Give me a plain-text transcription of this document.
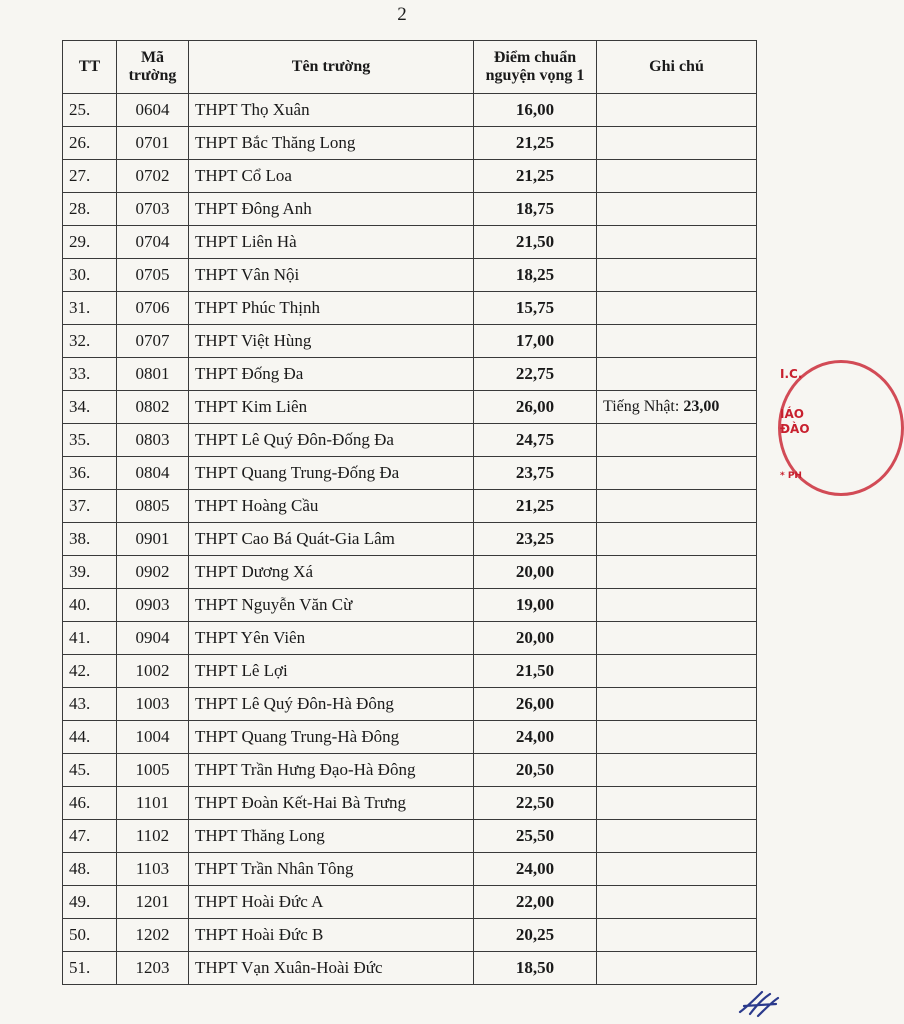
2
TT	Mã trường	Tên trường	Điểm chuẩn nguyện vọng 1	Ghi chú
25.	0604	THPT Thọ Xuân	16,00	
26.	0701	THPT Bắc Thăng Long	21,25	
27.	0702	THPT Cổ Loa	21,25	
28.	0703	THPT Đông Anh	18,75	
29.	0704	THPT Liên Hà	21,50	
30.	0705	THPT Vân Nội	18,25	
31.	0706	THPT Phúc Thịnh	15,75	
32.	0707	THPT Việt Hùng	17,00	
33.	0801	THPT Đống Đa	22,75	
34.	0802	THPT Kim Liên	26,00	Tiếng Nhật: 23,00
35.	0803	THPT Lê Quý Đôn-Đống Đa	24,75	
36.	0804	THPT Quang Trung-Đống Đa	23,75	
37.	0805	THPT Hoàng Cầu	21,25	
38.	0901	THPT Cao Bá Quát-Gia Lâm	23,25	
39.	0902	THPT Dương Xá	20,00	
40.	0903	THPT Nguyễn Văn Cừ	19,00	
41.	0904	THPT Yên Viên	20,00	
42.	1002	THPT Lê Lợi	21,50	
43.	1003	THPT Lê Quý Đôn-Hà Đông	26,00	
44.	1004	THPT Quang Trung-Hà Đông	24,00	
45.	1005	THPT Trần Hưng Đạo-Hà Đông	20,50	
46.	1101	THPT Đoàn Kết-Hai Bà Trưng	22,50	
47.	1102	THPT Thăng Long	25,50	
48.	1103	THPT Trần Nhân Tông	24,00	
49.	1201	THPT Hoài Đức A	22,00	
50.	1202	THPT Hoài Đức B	20,25	
51.	1203	THPT Vạn Xuân-Hoài Đức	18,50	
I.C.
IÁO
ĐÀO
* PH
